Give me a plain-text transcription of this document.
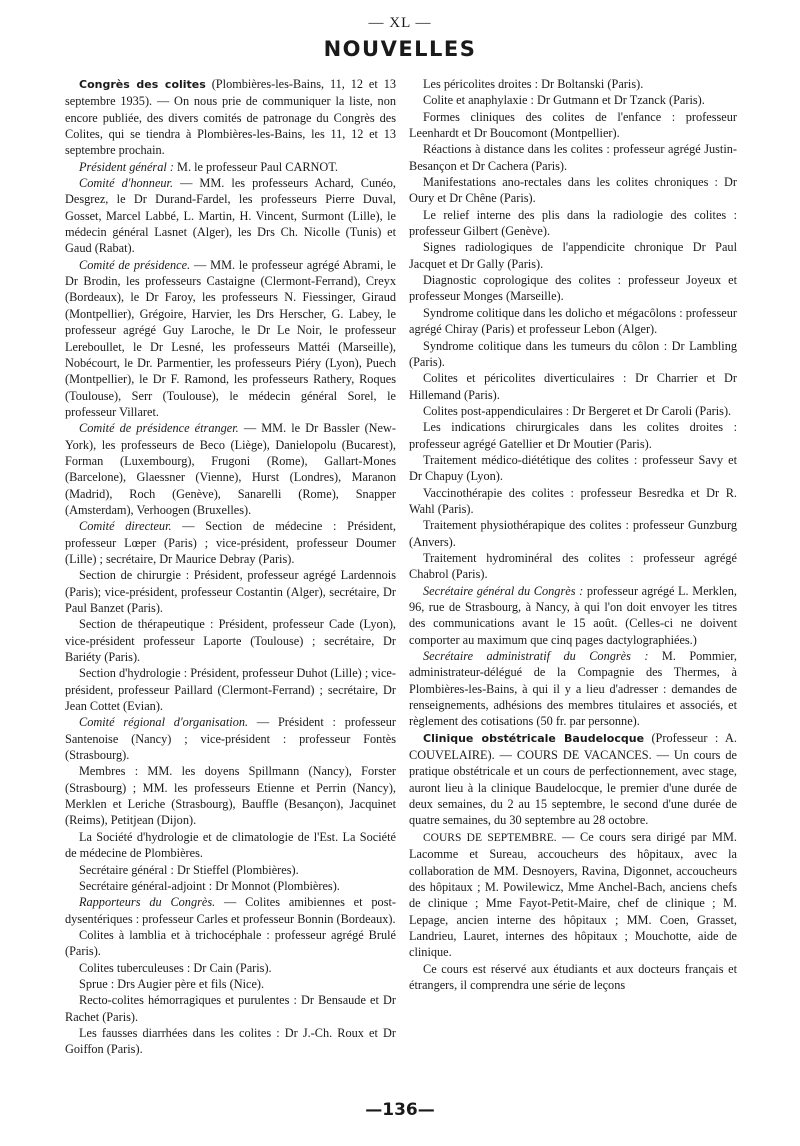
— XL —
NOUVELLES

Congrès des colites (Plombières-les-Bains, 11, 12 et 13 septembre 1935). — On nous prie de communiquer la liste, non encore publiée, des divers comités de patronage du Congrès des Colites, qui se tiendra à Plombières-les-Bains, les 11, 12 et 13 septembre prochain.

Président général : M. le professeur Paul CARNOT.

Comité d'honneur. — MM. les professeurs Achard, Cunéo, Desgrez, le Dr Durand-Fardel, les professeurs Pierre Duval, Gosset, Marcel Labbé, L. Martin, H. Vincent, Surmont (Lille), le médecin général Lasnet (Alger), les Drs Ch. Nicolle (Tunis) et Gaud (Rabat).

Comité de présidence. — MM. le professeur agrégé Abrami, le Dr Brodin, les professeurs Castaigne (Clermont-Ferrand), Creyx (Bordeaux), le Dr Faroy, les professeurs N. Fiessinger, Giraud (Montpellier), Grégoire, Harvier, les Drs Herscher, G. Labey, le professeur agrégé Guy Laroche, le Dr Le Noir, le professeur Lereboullet, le Dr Lesné, les professeurs Mattéi (Marseille), Nobécourt, le Dr. Parmentier, les professeurs Piéry (Lyon), Puech (Montpellier), le Dr F. Ramond, les professeurs Rathery, Roques (Toulouse), Serr (Toulouse), le médecin général Sorel, le professeur Villaret.

Comité de présidence étranger. — MM. le Dr Bassler (New-York), les professeurs de Beco (Liège), Danielopolu (Bucarest), Forman (Luxembourg), Frugoni (Rome), Gallart-Mones (Barcelone), Glaessner (Vienne), Hurst (Londres), Maranon (Madrid), Roch (Genève), Sanarelli (Rome), Snapper (Amsterdam), Verhoogen (Bruxelles).

Comité directeur. — Section de médecine : Président, professeur Lœper (Paris) ; vice-président, professeur Doumer (Lille) ; secrétaire, Dr Maurice Debray (Paris).

Section de chirurgie : Président, professeur agrégé Lardennois (Paris); vice-président, professeur Costantin (Alger), secrétaire, Dr Paul Banzet (Paris).

Section de thérapeutique : Président, professeur Cade (Lyon), vice-président professeur Laporte (Toulouse) ; secrétaire, Dr Bariéty (Paris).

Section d'hydrologie : Président, professeur Duhot (Lille) ; vice-président, professeur Paillard (Clermont-Ferrand) ; secrétaire, Dr Jean Cottet (Evian).

Comité régional d'organisation. — Président : professeur Santenoise (Nancy) ; vice-président : professeur Fontès (Strasbourg).

Membres : MM. les doyens Spillmann (Nancy), Forster (Strasbourg) ; MM. les professeurs Etienne et Perrin (Nancy), Merklen et Leriche (Strasbourg), Bauffle (Besançon), Jacquinet (Reims), Petitjean (Dijon).

La Société d'hydrologie et de climatologie de l'Est. La Société de médecine de Plombières.

Secrétaire général : Dr Stieffel (Plombières).

Secrétaire général-adjoint : Dr Monnot (Plombières).

Rapporteurs du Congrès. — Colites amibiennes et post-dysentériques : professeur Carles et professeur Bonnin (Bordeaux).

Colites à lamblia et à trichocéphale : professeur agrégé Brulé (Paris).

Colites tuberculeuses : Dr Cain (Paris).

Sprue : Drs Augier père et fils (Nice).

Recto-colites hémorragiques et purulentes : Dr Bensaude et Dr Rachet (Paris).

Les fausses diarrhées dans les colites : Dr J.-Ch. Roux et Dr Goiffon (Paris).

Les péricolites droites : Dr Boltanski (Paris).

Colite et anaphylaxie : Dr Gutmann et Dr Tzanck (Paris).

Formes cliniques des colites de l'enfance : professeur Leenhardt et Dr Boucomont (Montpellier).

Réactions à distance dans les colites : professeur agrégé Justin-Besançon et Dr Cachera (Paris).

Manifestations ano-rectales dans les colites chroniques : Dr Oury et Dr Chêne (Paris).

Le relief interne des plis dans la radiologie des colites : professeur Gilbert (Genève).

Signes radiologiques de l'appendicite chronique Dr Paul Jacquet et Dr Gally (Paris).

Diagnostic coprologique des colites : professeur Joyeux et professeur Monges (Marseille).

Syndrome colitique dans les dolicho et mégacôlons : professeur agrégé Chiray (Paris) et professeur Lebon (Alger).

Syndrome colitique dans les tumeurs du côlon : Dr Lambling (Paris).

Colites et péricolites diverticulaires : Dr Charrier et Dr Hillemand (Paris).

Colites post-appendiculaires : Dr Bergeret et Dr Caroli (Paris).

Les indications chirurgicales dans les colites droites : professeur agrégé Gatellier et Dr Moutier (Paris).

Traitement médico-diététique des colites : professeur Savy et Dr Chapuy (Lyon).

Vaccinothérapie des colites : professeur Besredka et Dr R. Wahl (Paris).

Traitement physiothérapique des colites : professeur Gunzburg (Anvers).

Traitement hydrominéral des colites : professeur agrégé Chabrol (Paris).

Secrétaire général du Congrès : professeur agrégé L. Merklen, 96, rue de Strasbourg, à Nancy, à qui l'on doit envoyer les titres des communications avant le 15 août. (Celles-ci ne doivent comporter au maximum que cinq pages dactylographiées.)

Secrétaire administratif du Congrès : M. Pommier, administrateur-délégué de la Compagnie des Thermes, à Plombières-les-Bains, à qui il y a lieu d'adresser : demandes de renseignements, adhésions des membres titulaires et associés, et règlement des cotisations (50 fr. par personne).

Clinique obstétricale Baudelocque (Professeur : A. COUVELAIRE). — COURS DE VACANCES. — Un cours de pratique obstétricale et un cours de perfectionnement, avec stage, auront lieu à la clinique Baudelocque, le premier d'une durée de deux semaines, du 2 au 15 septembre, le second d'une durée de quatre semaines, du 30 septembre au 28 octobre.

COURS DE SEPTEMBRE. — Ce cours sera dirigé par MM. Lacomme et Sureau, accoucheurs des hôpitaux, avec la collaboration de MM. Desnoyers, Ravina, Digonnet, accoucheurs des hôpitaux ; M. Powilewicz, Mme Anchel-Bach, anciens chefs de clinique ; Mme Fayot-Petit-Maire, chef de clinique ; M. Lepage, ancien interne des hôpitaux ; MM. Coen, Grasset, Landrieu, Lauret, internes des hôpitaux ; Mouchotte, aide de clinique.

Ce cours est réservé aux étudiants et aux docteurs français et étrangers, il comprendra une série de leçons

—136—
